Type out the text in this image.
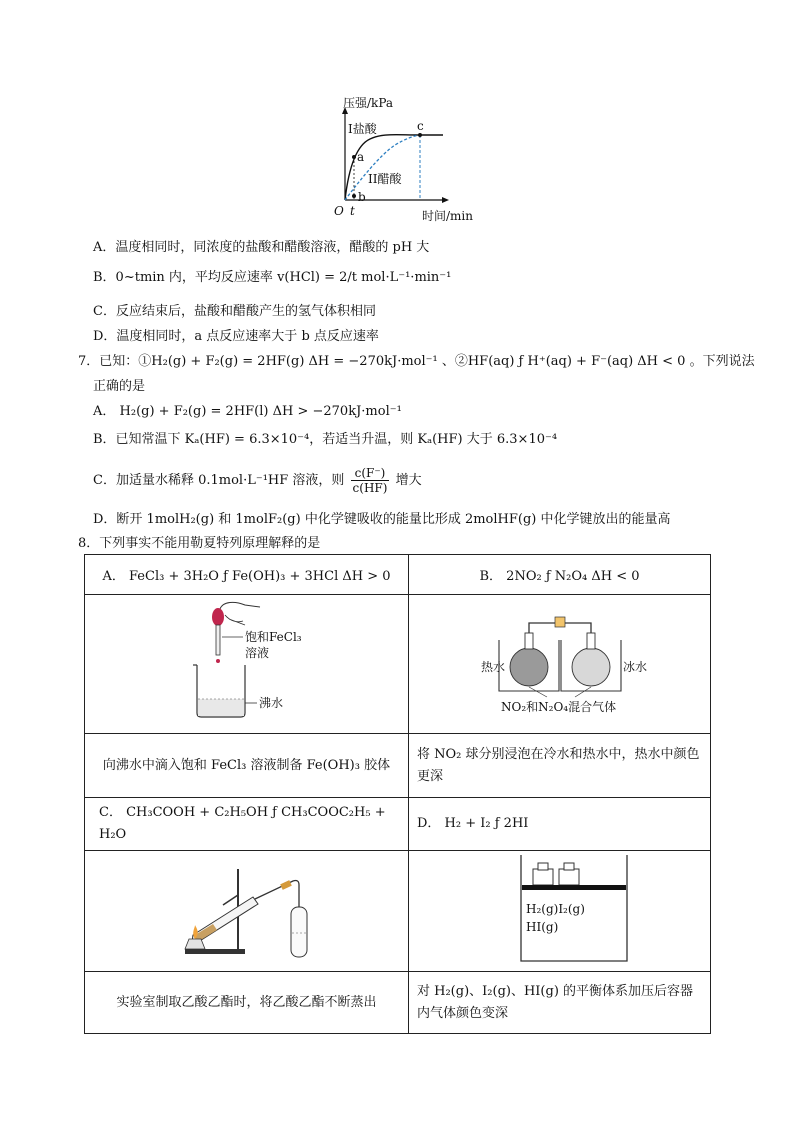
压强/kPa
时间/min
O t
I盐酸
II醋酸
a
b
c
A．温度相同时，同浓度的盐酸和醋酸溶液，醋酸的 pH 大
B．0~tmin 内，平均反应速率 v(HCl) = 2/t mol·L⁻¹·min⁻¹
C．反应结束后，盐酸和醋酸产生的氢气体积相同
D．温度相同时，a 点反应速率大于 b 点反应速率
7．已知：①H₂(g) + F₂(g) = 2HF(g) ΔH = −270kJ·mol⁻¹ 、②HF(aq) ƒ H⁺(aq) + F⁻(aq) ΔH < 0 。下列说法
正确的是
A． H₂(g) + F₂(g) = 2HF(l) ΔH > −270kJ·mol⁻¹
B．已知常温下 Kₐ(HF) = 6.3×10⁻⁴，若适当升温，则 Kₐ(HF) 大于 6.3×10⁻⁴
C．加适量水稀释 0.1mol·L⁻¹HF 溶液，则 $\frac{c(F^-)}{c(HF)}$ 增大
D．断开 1molH₂(g) 和 1molF₂(g) 中化学键吸收的能量比形成 2molHF(g) 中化学键放出的能量高
8．下列事实不能用勒夏特列原理解释的是
A． FeCl₃ + 3H₂O ƒ Fe(OH)₃ + 3HCl ΔH > 0	B． 2NO₂ ƒ N₂O₄ ΔH < 0

饱和FeCl₃
溶液
沸水	热水 冰水
NO₂和N₂O₄混合气体

向沸水中滴入饱和 FeCl₃ 溶液制备 Fe(OH)₃ 胶体	将 NO₂ 球分别浸泡在冷水和热水中，热水中颜色更深

C． CH₃COOH + C₂H₅OH ƒ CH₃COOC₂H₅ + H₂O	D． H₂ + I₂ ƒ 2HI

H₂(g)I₂(g)
HI(g)

实验室制取乙酸乙酯时，将乙酸乙酯不断蒸出	对 H₂(g)、I₂(g)、HI(g) 的平衡体系加压后容器内气体颜色变深
